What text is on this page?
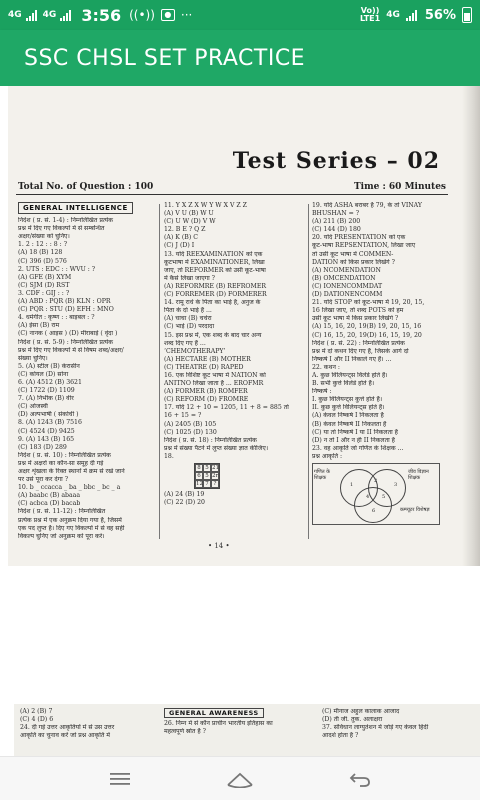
4G 4G 3:56 ((•))	● ···	Vo))
LTE1 4G 56%
SSC CHSL SET PRACTICE
Test Series – 02
Total No. of Question : 100	Time : 60 Minutes
GENERAL INTELLIGENCE
निर्देश ( प्र. सं. 1-4) : निम्नलिखित प्रत्येक
प्रश्न में दिए गए विकल्पों में से सम्बन्धित
अक्षर/संख्या को चुनिए।
1. 2 : 12 : : 8 : ?
(A) 18 (B) 128
(C) 396 (D) 576
2. UTS : EDC : : WVU : ?
(A) GFE (B) XYM
(C) SJM (D) RST
3. CDF : GIJ : : ?
(A) ABD : PQR (B) KLN : OPR
(C) PQR : STU (D) EFH : MNO
4. धर्मगीत : कृष्ण : : बाइबल : ?
(A) ईसा (B) राम
(C) नानक ( आइस ) (D) मीराबाई ( वृंदा )
निर्देश ( प्र. सं. 5-9) : निम्नलिखित प्रत्येक
प्रश्न में दिए गए विकल्पों में से विषम शब्द/अक्षर/
संख्या चुनिए।
5. (A) स्टील (B) केरासीन
(C) कोयल (D) सोना
6. (A) 4512 (B) 3621
(C) 1722 (D) 1109
7. (A) निर्भीक (B) वीर
(C) ओजस्वी
(D) अल्पभाषी ( संकोची )
8. (A) 1243 (B) 7516
(C) 4524 (D) 9425
9. (A) 143 (B) 165
(C) 183 (D) 289
निर्देश ( प्र. सं. 10) : निम्नलिखित प्रत्येक
प्रश्न में अक्षरों का कौन-सा समूह दी गई
अक्षर शृंखला के रिक्त स्थानों में क्रम से रखे जाने
पर उसे पूरा कर देगा ?
10. b _ ccacca _ ba _ bbc _ bc _ a
(A) baabc (B) abaaa
(C) acbca (D) bacab
निर्देश ( प्र. सं. 11-12) : निम्नलिखित
प्रत्येक प्रश्न में एक अनुक्रम दिया गया है, जिसमें
एक पद लुप्त है। दिए गए विकल्पों में से वह सही
विकल्प चुनिए जो अनुक्रम को पूरा करे।
11. Y X Z X W Y W X V Z Z
(A) V U (B) W U
(C) U W (D) V W
12. B E ? Q Z
(A) K (B) C
(C) J (D) I
13. यदि REEXAMINATION को एक
कूटभाषा में EXAMINATIONER, लिखा
जाए, तो REFORMER को उसी कूट-भाषा
में कैसे लिखा जाएगा ?
(A) REFORMRE (B) REFROMER
(C) FORREMER (D) FORMERER
14. रामू राधे के पिता का भाई है, अनुज के
पिता के दो भाई हैं ...
(A) चाचा (B) चचेरा
(C) भाई (D) परदादा
15. इस प्रश्न में, एक शब्द के बाद चार अन्य
शब्द दिए गए हैं ...
‘CHEMOTHERAPY’
(A) HECTARE (B) MOTHER
(C) THEATRE (D) RAPED
16. एक विशिष्ट कूट भाषा में NATION को
ANITNO लिखा जाता है ... EROFMR
(A) FORMER (B) ROMFER
(C) REFORM (D) FROMRE
17. यदि 12 + 10 = 1205, 11 + 8 = 885 तो
16 + 15 = ?
(A) 2405 (B) 105
(C) 1025 (D) 130
निर्देश ( प्र. सं. 18) : निम्नलिखित प्रत्येक
प्रश्न में संख्या पैटर्न में लुप्त संख्या ज्ञात कीजिए।
18.
8 5 21
6 5 2r
12 7 ?
(A) 24 (B) 19
(C) 22 (D) 20
19. यदि ASHA बराबर है 79, के तो VINAY
BHUSHAN = ?
(A) 211 (B) 200
(C) 144 (D) 180
20. यदि PRESENTATION को एक
कूट-भाषा REPSENTATION, लिखा जाए
तो उसी कूट भाषा में COMMEN-
DATION को किस प्रकार लिखेंगे ?
(A) NCOMENDATION
(B) OMCENDATION
(C) IONENCOMMDAT
(D) DATIONENCOMM
21. यदि STOP को कूट-भाषा में 19, 20, 15,
16 लिखा जाए, तो शब्द POTS को हम
उसी कूट भाषा में किस प्रकार लिखेंगे ?
(A) 15, 16, 20, 19(B) 19, 20, 15, 16
(C) 16, 15, 20, 19(D) 16, 15, 19, 20
निर्देश ( प्र. सं. 22) : निम्नलिखित प्रत्येक
प्रश्न में दो कथन दिए गए हैं, जिसके आगे दो
निष्कर्ष I और II निकाले गए हैं। ...
22. कथन :
A. कुछ विलियन्ट्स विलेंडे होते हैं।
B. सभी कुत्ते विलेंडे होते हैं।
निष्कर्ष :
I. कुछ विलियन्ट्स कुत्ते होते हैं।
II. कुछ कुत्ते विलियन्ट्स होते हैं।
(A) केवल निष्कर्ष I निकलता है
(B) केवल निष्कर्ष II निकलता है
(C) या तो निष्कर्ष I या II निकलता है
(D) न तो I और न ही II निकलता है
23. वह आकृति जो गणित के शिक्षक ...
प्रश्न आकृति :
गणित के शिक्षक
जीव विज्ञान शिक्षक
कम्प्यूटर विशेषज्ञ
1
2
3
4	5
6
• 14 •
(A) 2 (B) 7
(C) 4 (D) 6
24. दी गई उत्तर आकृतियों में से उस उत्तर
आकृति का चुनाव करें जो प्रश्न आकृति में
GENERAL AWARENESS
26. निम्न में से कौन प्राचीन भारतीय इतिहास का
महत्वपूर्ण स्रोत है ?
(C) मीनाज अहुल कालाक आजाद
(D) ती जी. तुक. अलाक्षरा
37. संविधान लाग्युतेशन में जोड़े गए केवल हिंदी
आदर्श होता है ?
